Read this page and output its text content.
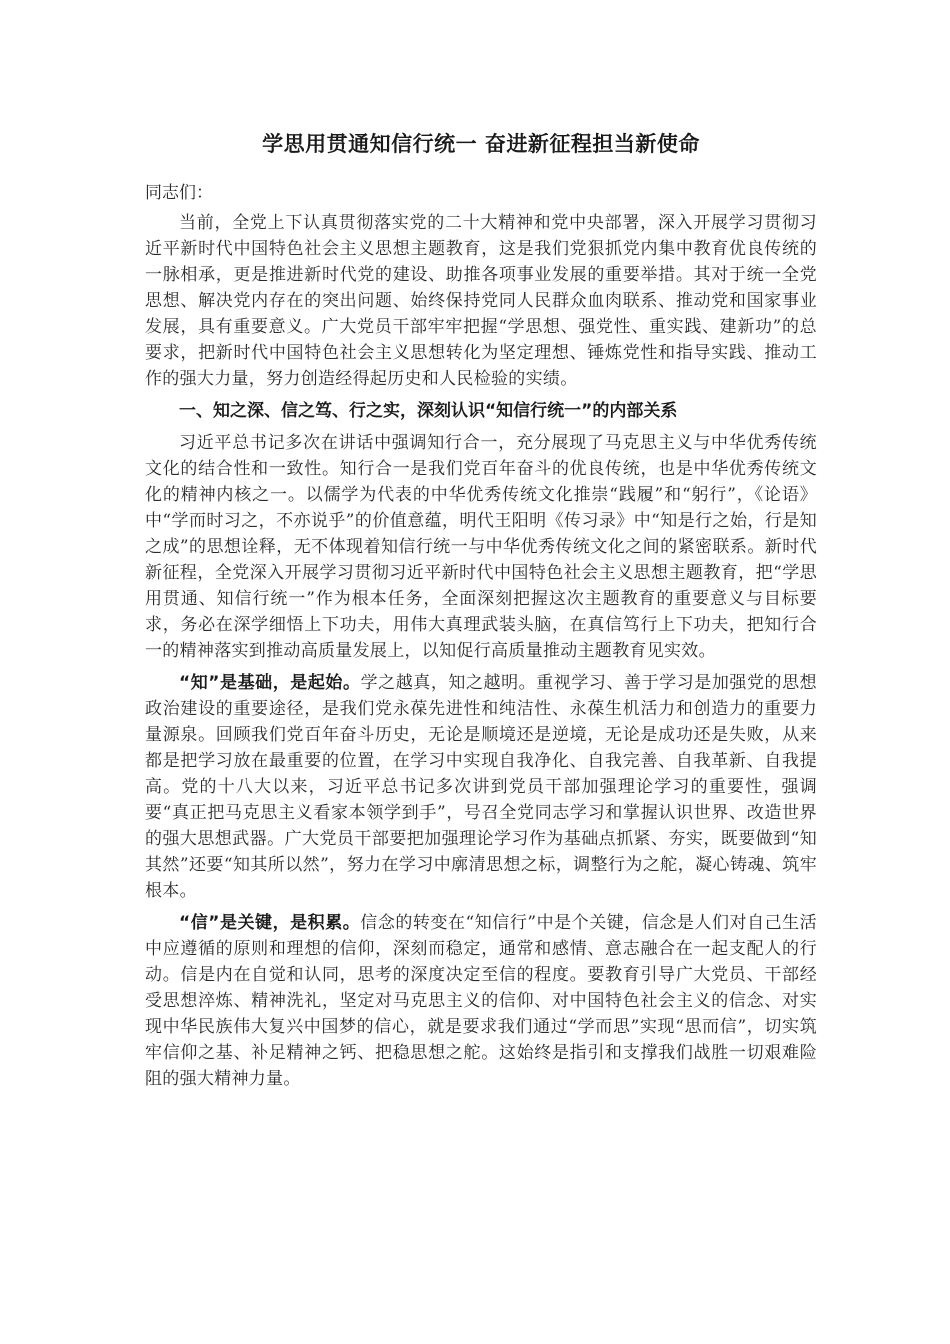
学思用贯通知信行统一 奋进新征程担当新使命

同志们：

当前，全党上下认真贯彻落实党的二十大精神和党中央部署，深入开展学习贯彻习近平新时代中国特色社会主义思想主题教育，这是我们党狠抓党内集中教育优良传统的一脉相承，更是推进新时代党的建设、助推各项事业发展的重要举措。其对于统一全党思想、解决党内存在的突出问题、始终保持党同人民群众血肉联系、推动党和国家事业发展，具有重要意义。广大党员干部牢牢把握“学思想、强党性、重实践、建新功”的总要求，把新时代中国特色社会主义思想转化为坚定理想、锤炼党性和指导实践、推动工作的强大力量，努力创造经得起历史和人民检验的实绩。

一、知之深、信之笃、行之实，深刻认识“知信行统一”的内部关系

习近平总书记多次在讲话中强调知行合一，充分展现了马克思主义与中华优秀传统文化的结合性和一致性。知行合一是我们党百年奋斗的优良传统，也是中华优秀传统文化的精神内核之一。以儒学为代表的中华优秀传统文化推崇“践履”和“躬行”，《论语》中“学而时习之，不亦说乎”的价值意蕴，明代王阳明《传习录》中“知是行之始，行是知之成”的思想诠释，无不体现着知信行统一与中华优秀传统文化之间的紧密联系。新时代新征程，全党深入开展学习贯彻习近平新时代中国特色社会主义思想主题教育，把“学思用贯通、知信行统一”作为根本任务，全面深刻把握这次主题教育的重要意义与目标要求，务必在深学细悟上下功夫，用伟大真理武装头脑，在真信笃行上下功夫，把知行合一的精神落实到推动高质量发展上，以知促行高质量推动主题教育见实效。

“知”是基础，是起始。学之越真，知之越明。重视学习、善于学习是加强党的思想政治建设的重要途径，是我们党永葆先进性和纯洁性、永葆生机活力和创造力的重要力量源泉。回顾我们党百年奋斗历史，无论是顺境还是逆境，无论是成功还是失败，从来都是把学习放在最重要的位置，在学习中实现自我净化、自我完善、自我革新、自我提高。党的十八大以来，习近平总书记多次讲到党员干部加强理论学习的重要性，强调要“真正把马克思主义看家本领学到手”，号召全党同志学习和掌握认识世界、改造世界的强大思想武器。广大党员干部要把加强理论学习作为基础点抓紧、夯实，既要做到“知其然”还要“知其所以然”，努力在学习中廓清思想之标，调整行为之舵，凝心铸魂、筑牢根本。

“信”是关键，是积累。信念的转变在“知信行”中是个关键，信念是人们对自己生活中应遵循的原则和理想的信仰，深刻而稳定，通常和感情、意志融合在一起支配人的行动。信是内在自觉和认同，思考的深度决定至信的程度。要教育引导广大党员、干部经受思想淬炼、精神洗礼，坚定对马克思主义的信仰、对中国特色社会主义的信念、对实现中华民族伟大复兴中国梦的信心，就是要求我们通过“学而思”实现“思而信”，切实筑牢信仰之基、补足精神之钙、把稳思想之舵。这始终是指引和支撑我们战胜一切艰难险阻的强大精神力量。
